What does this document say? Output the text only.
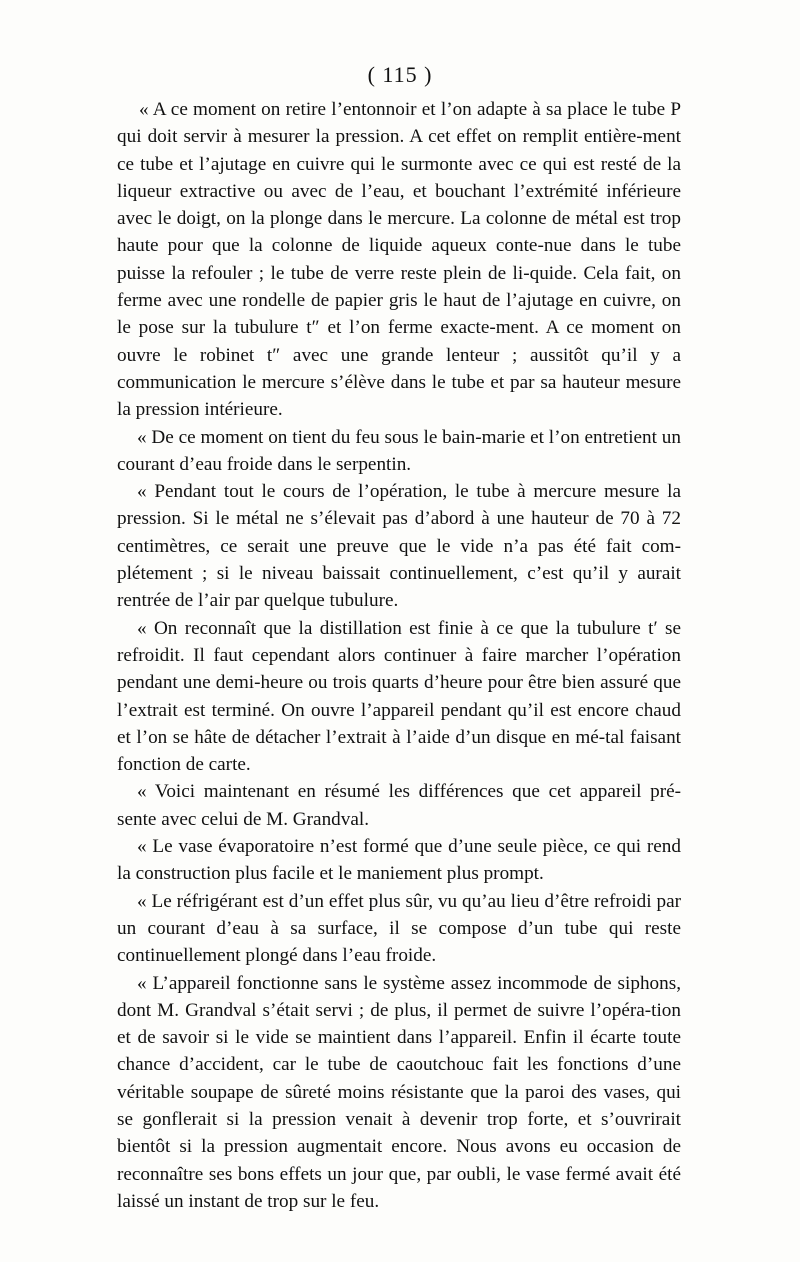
( 115 )

« A ce moment on retire l’entonnoir et l’on adapte à sa place le tube P qui doit servir à mesurer la pression. A cet effet on remplit entière-ment ce tube et l’ajutage en cuivre qui le surmonte avec ce qui est resté de la liqueur extractive ou avec de l’eau, et bouchant l’extrémité inférieure avec le doigt, on la plonge dans le mercure. La colonne de métal est trop haute pour que la colonne de liquide aqueux conte-nue dans le tube puisse la refouler ; le tube de verre reste plein de li-quide. Cela fait, on ferme avec une rondelle de papier gris le haut de l’ajutage en cuivre, on le pose sur la tubulure t″ et l’on ferme exacte-ment. A ce moment on ouvre le robinet t″ avec une grande lenteur ; aussitôt qu’il y a communication le mercure s’élève dans le tube et par sa hauteur mesure la pression intérieure.

« De ce moment on tient du feu sous le bain-marie et l’on entretient un courant d’eau froide dans le serpentin.

« Pendant tout le cours de l’opération, le tube à mercure mesure la pression. Si le métal ne s’élevait pas d’abord à une hauteur de 70 à 72 centimètres, ce serait une preuve que le vide n’a pas été fait com-plétement ; si le niveau baissait continuellement, c’est qu’il y aurait rentrée de l’air par quelque tubulure.

« On reconnaît que la distillation est finie à ce que la tubulure t′ se refroidit. Il faut cependant alors continuer à faire marcher l’opération pendant une demi-heure ou trois quarts d’heure pour être bien assuré que l’extrait est terminé. On ouvre l’appareil pendant qu’il est encore chaud et l’on se hâte de détacher l’extrait à l’aide d’un disque en mé-tal faisant fonction de carte.

« Voici maintenant en résumé les différences que cet appareil pré-sente avec celui de M. Grandval.

« Le vase évaporatoire n’est formé que d’une seule pièce, ce qui rend la construction plus facile et le maniement plus prompt.

« Le réfrigérant est d’un effet plus sûr, vu qu’au lieu d’être refroidi par un courant d’eau à sa surface, il se compose d’un tube qui reste continuellement plongé dans l’eau froide.

« L’appareil fonctionne sans le système assez incommode de siphons, dont M. Grandval s’était servi ; de plus, il permet de suivre l’opéra-tion et de savoir si le vide se maintient dans l’appareil. Enfin il écarte toute chance d’accident, car le tube de caoutchouc fait les fonctions d’une véritable soupape de sûreté moins résistante que la paroi des vases, qui se gonflerait si la pression venait à devenir trop forte, et s’ouvrirait bientôt si la pression augmentait encore. Nous avons eu occasion de reconnaître ses bons effets un jour que, par oubli, le vase fermé avait été laissé un instant de trop sur le feu.
